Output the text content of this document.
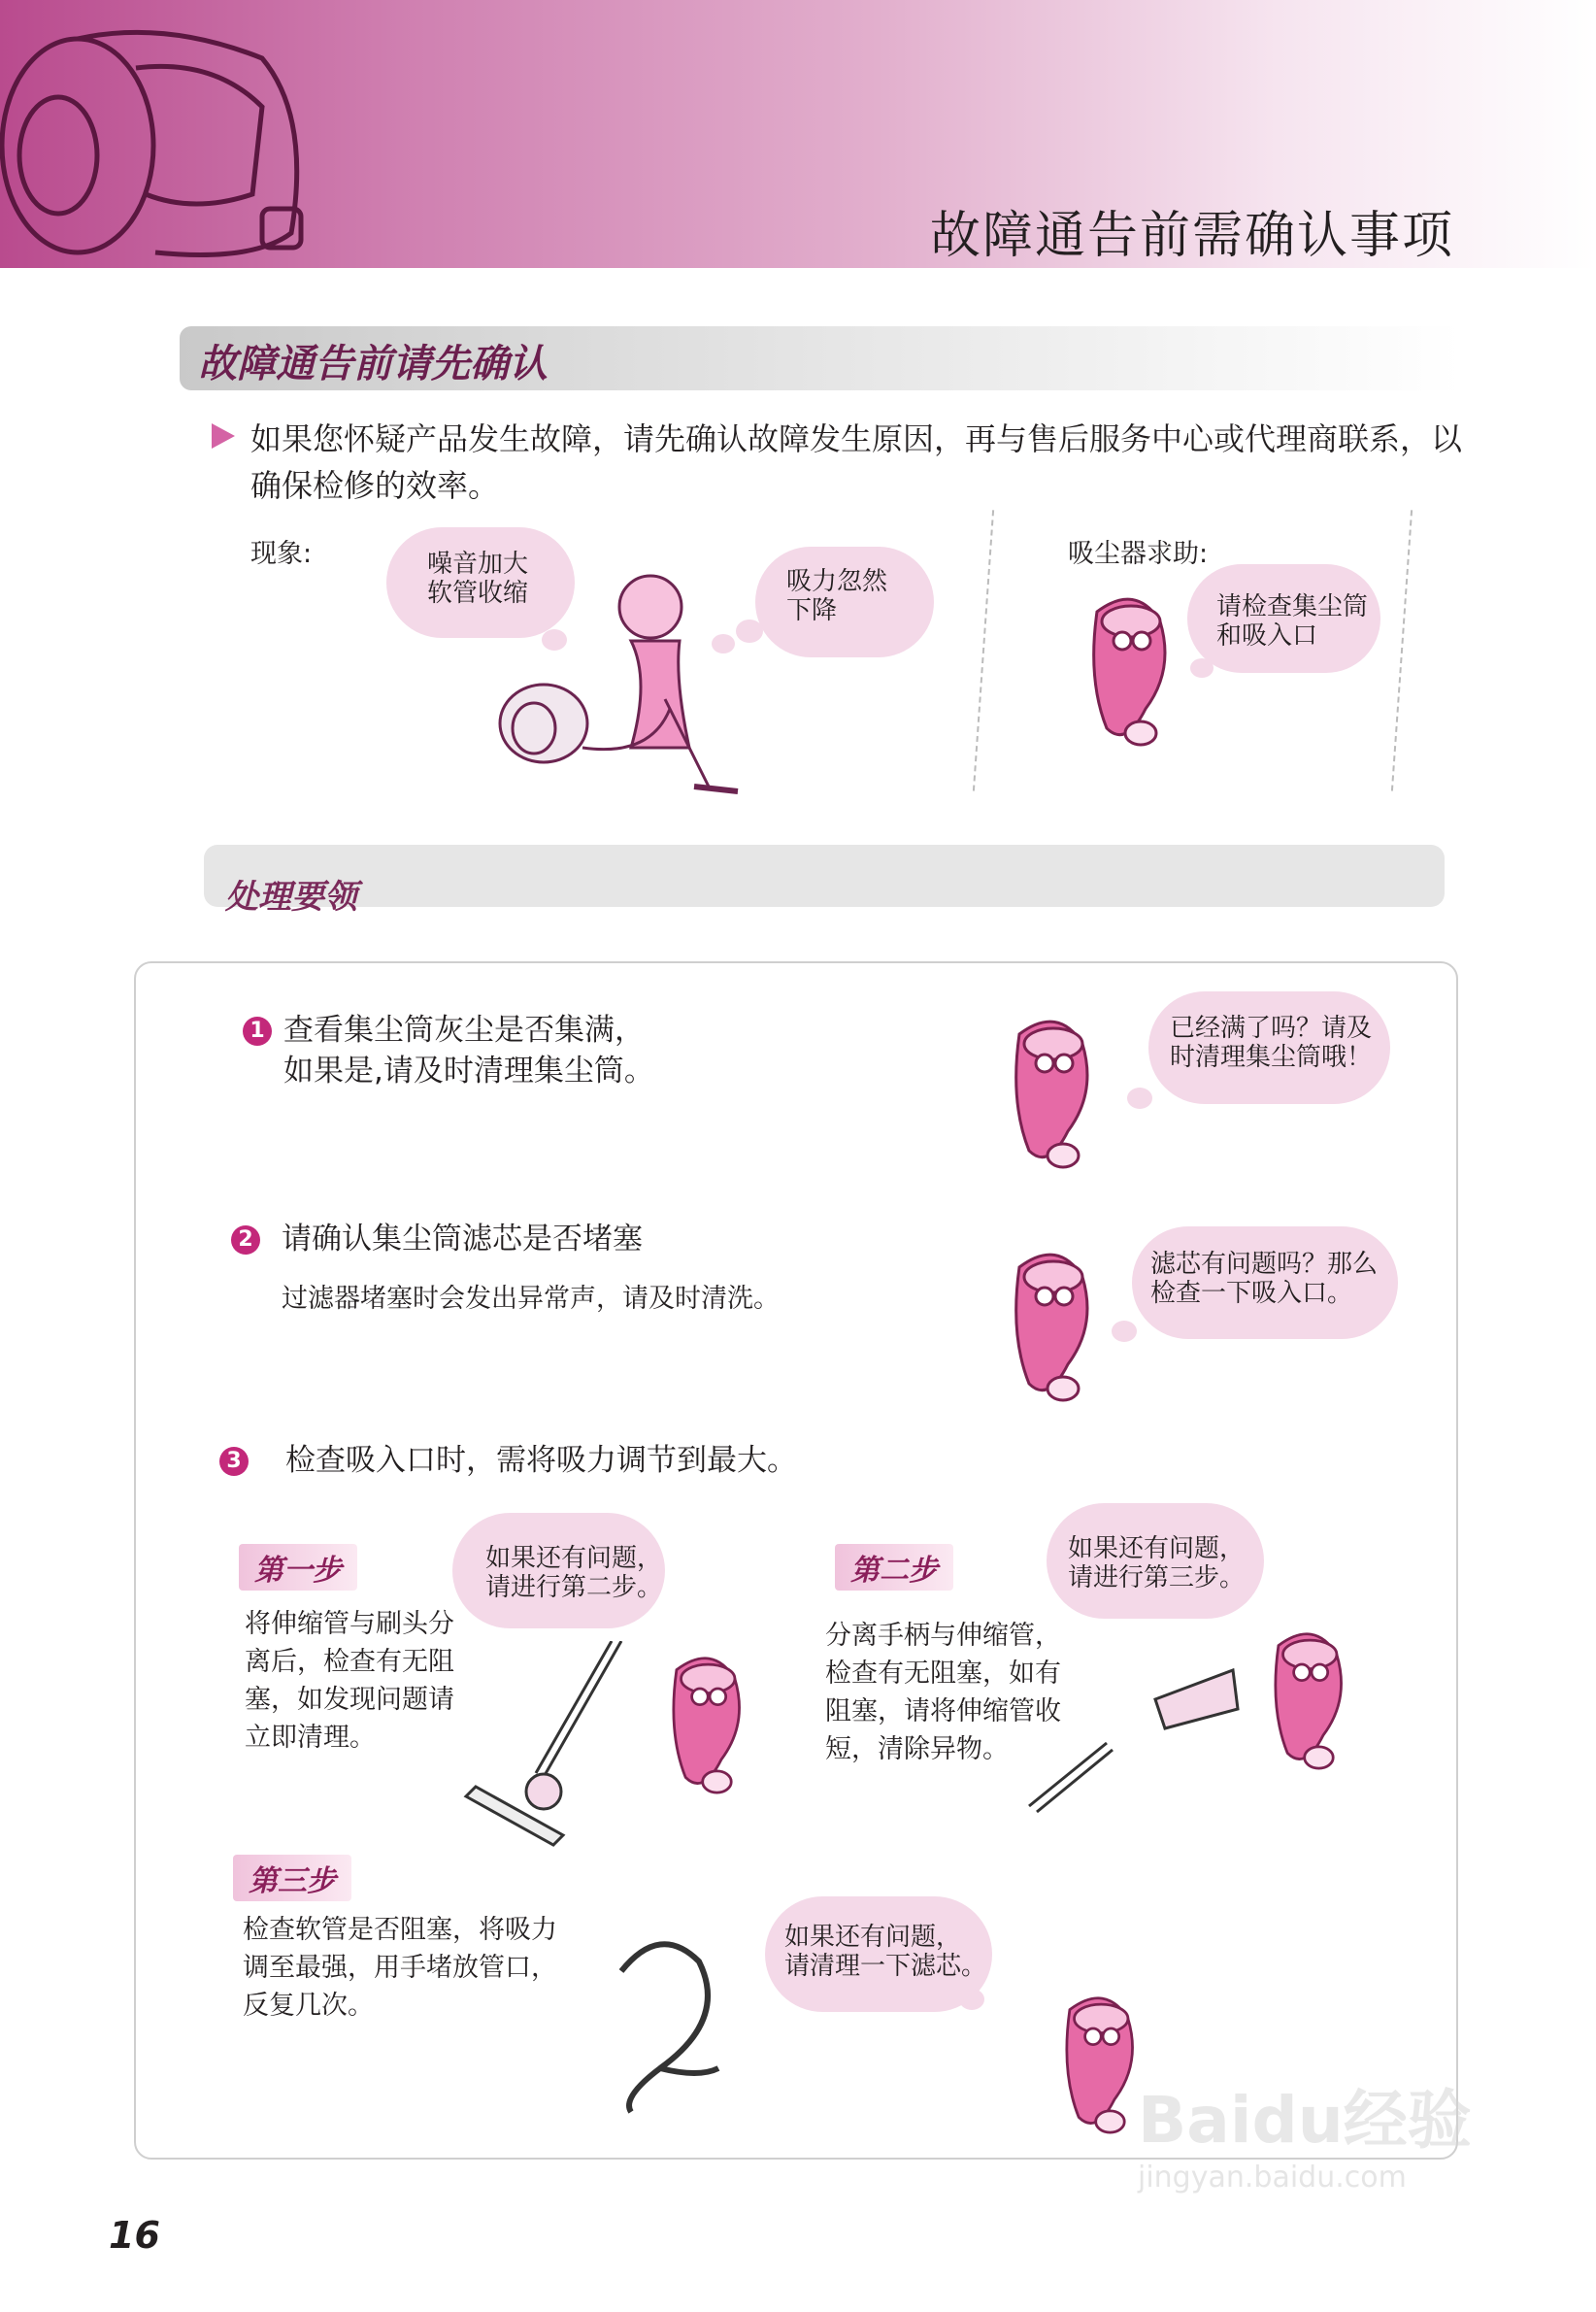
故障通告前需确认事项
故障通告前请先确认
如果您怀疑产品发生故障，请先确认故障发生原因，再与售后服务中心或代理商联系，以确保检修的效率。
现象:	噪音加大
软管收缩	吸力忽然
下降
吸尘器求助:
请检查集尘筒
和吸入口
处理要领
1 查看集尘筒灰尘是否集满，
如果是,请及时清理集尘筒。
已经满了吗？请及
时清理集尘筒哦！
2 请确认集尘筒滤芯是否堵塞
过滤器堵塞时会发出异常声，请及时清洗。
滤芯有问题吗？那么
检查一下吸入口。
3 检查吸入口时，需将吸力调节到最大。
第一步
将伸缩管与刷头分
离后，检查有无阻
塞，如发现问题请
立即清理。
如果还有问题，
请进行第二步。	第二步
分离手柄与伸缩管，
检查有无阻塞，如有
阻塞，请将伸缩管收
短，清除异物。
如果还有问题，
请进行第三步。
第三步
检查软管是否阻塞，将吸力
调至最强，用手堵放管口，
反复几次。
如果还有问题，
请清理一下滤芯。
Baidu经验
jingyan.baidu.com
16
